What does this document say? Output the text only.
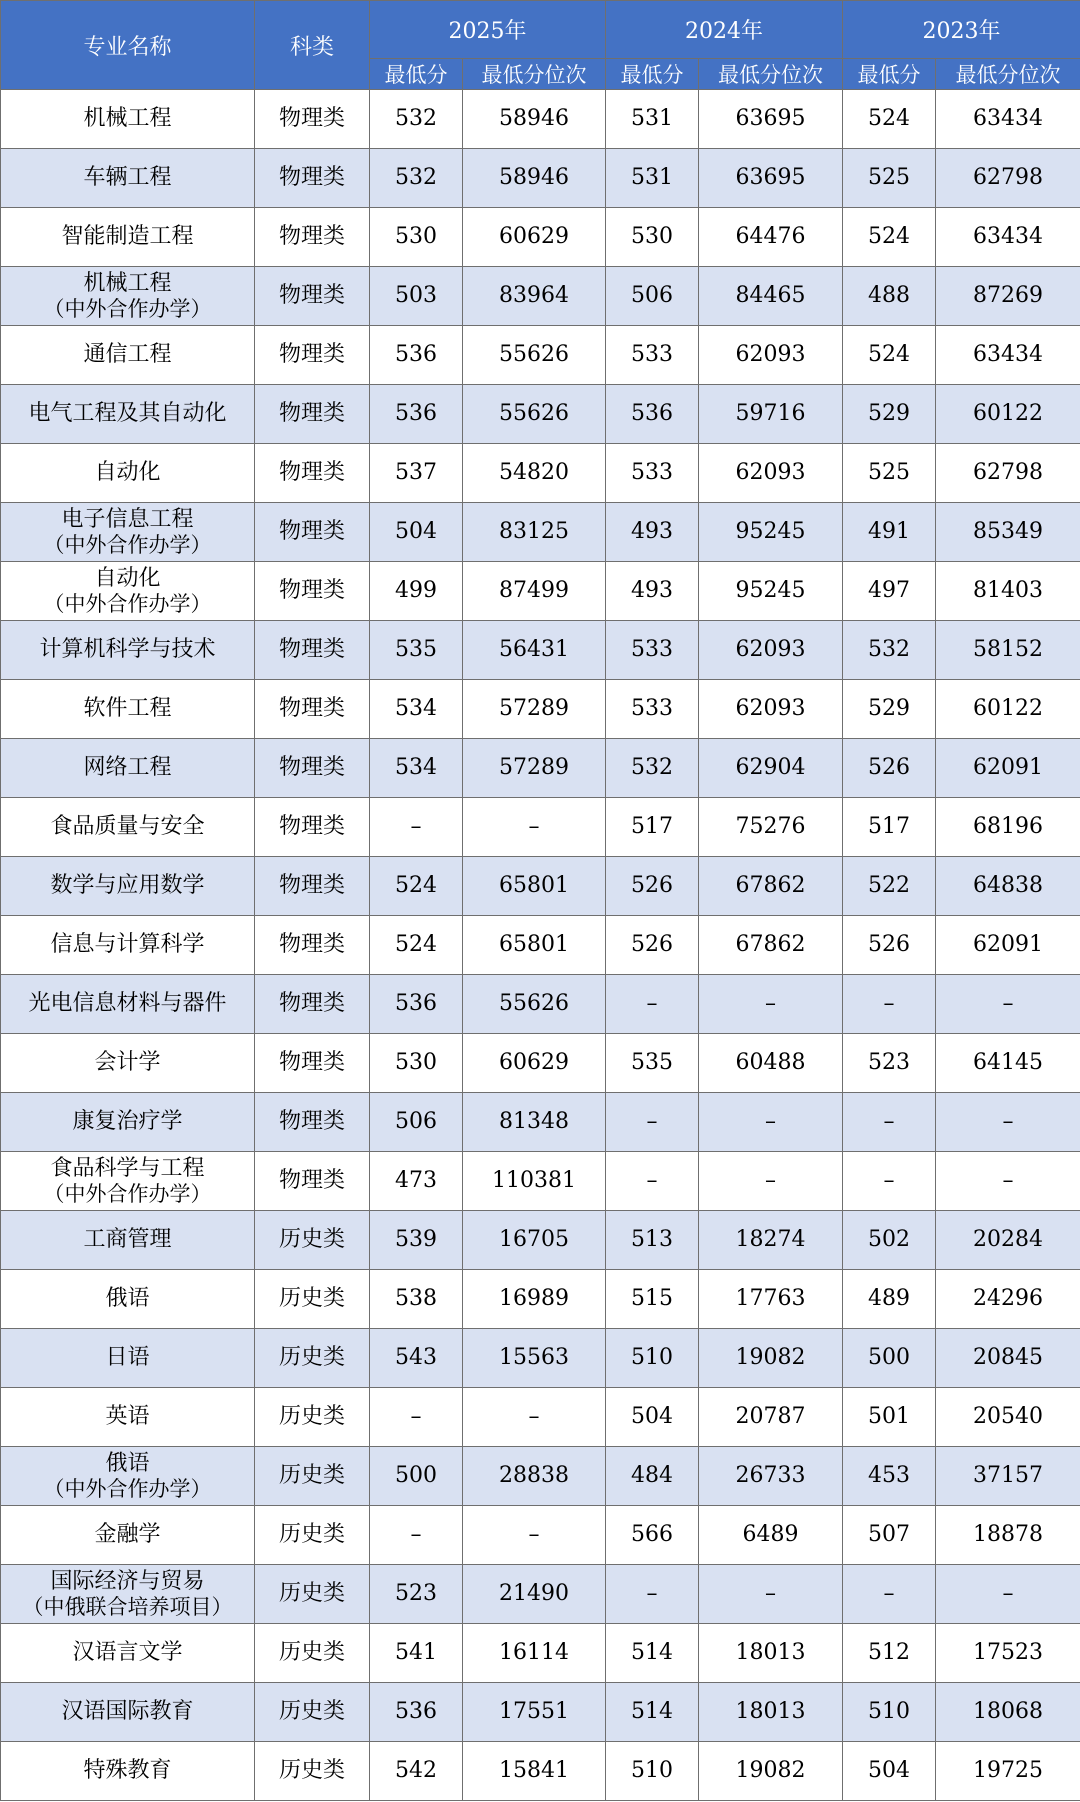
专业名称	科类	2025年		2024年		2023年	
		最低分	最低分位次	最低分	最低分位次	最低分	最低分位次

机械工程	物理类	532	58946	531	63695	524	63434

车辆工程	物理类	532	58946	531	63695	525	62798

智能制造工程	物理类	530	60629	530	64476	524	63434

机械工程
（中外合作办学）	物理类	503	83964	506	84465	488	87269

通信工程	物理类	536	55626	533	62093	524	63434

电气工程及其自动化	物理类	536	55626	536	59716	529	60122

自动化	物理类	537	54820	533	62093	525	62798

电子信息工程
（中外合作办学）	物理类	504	83125	493	95245	491	85349

自动化
（中外合作办学）	物理类	499	87499	493	95245	497	81403

计算机科学与技术	物理类	535	56431	533	62093	532	58152

软件工程	物理类	534	57289	533	62093	529	60122

网络工程	物理类	534	57289	532	62904	526	62091

食品质量与安全	物理类	–	–	517	75276	517	68196

数学与应用数学	物理类	524	65801	526	67862	522	64838

信息与计算科学	物理类	524	65801	526	67862	526	62091

光电信息材料与器件	物理类	536	55626	–	–	–	–

会计学	物理类	530	60629	535	60488	523	64145

康复治疗学	物理类	506	81348	–	–	–	–

食品科学与工程
（中外合作办学）	物理类	473	110381	–	–	–	–

工商管理	历史类	539	16705	513	18274	502	20284

俄语	历史类	538	16989	515	17763	489	24296

日语	历史类	543	15563	510	19082	500	20845

英语	历史类	–	–	504	20787	501	20540

俄语
（中外合作办学）	历史类	500	28838	484	26733	453	37157

金融学	历史类	–	–	566	6489	507	18878

国际经济与贸易
（中俄联合培养项目）	历史类	523	21490	–	–	–	–

汉语言文学	历史类	541	16114	514	18013	512	17523

汉语国际教育	历史类	536	17551	514	18013	510	18068

特殊教育	历史类	542	15841	510	19082	504	19725
